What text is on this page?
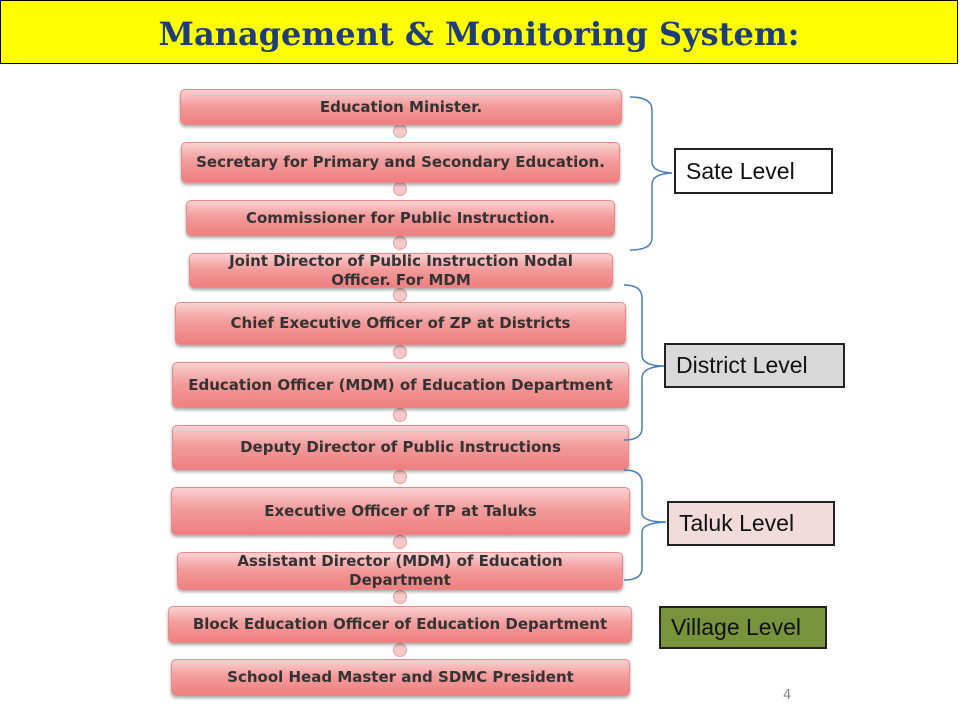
Management & Monitoring System:
Education Minister.
Secretary for Primary and Secondary Education.
Commissioner for Public Instruction.
Joint Director of Public Instruction Nodal Officer. For MDM
Chief Executive Officer of ZP at Districts
Education Officer (MDM) of Education Department
Deputy Director of Public Instructions
Executive Officer of TP at Taluks
Assistant Director (MDM) of Education Department
Block Education Officer of Education Department
School Head Master and SDMC President
Sate Level
District Level
Taluk Level
Village Level
4
